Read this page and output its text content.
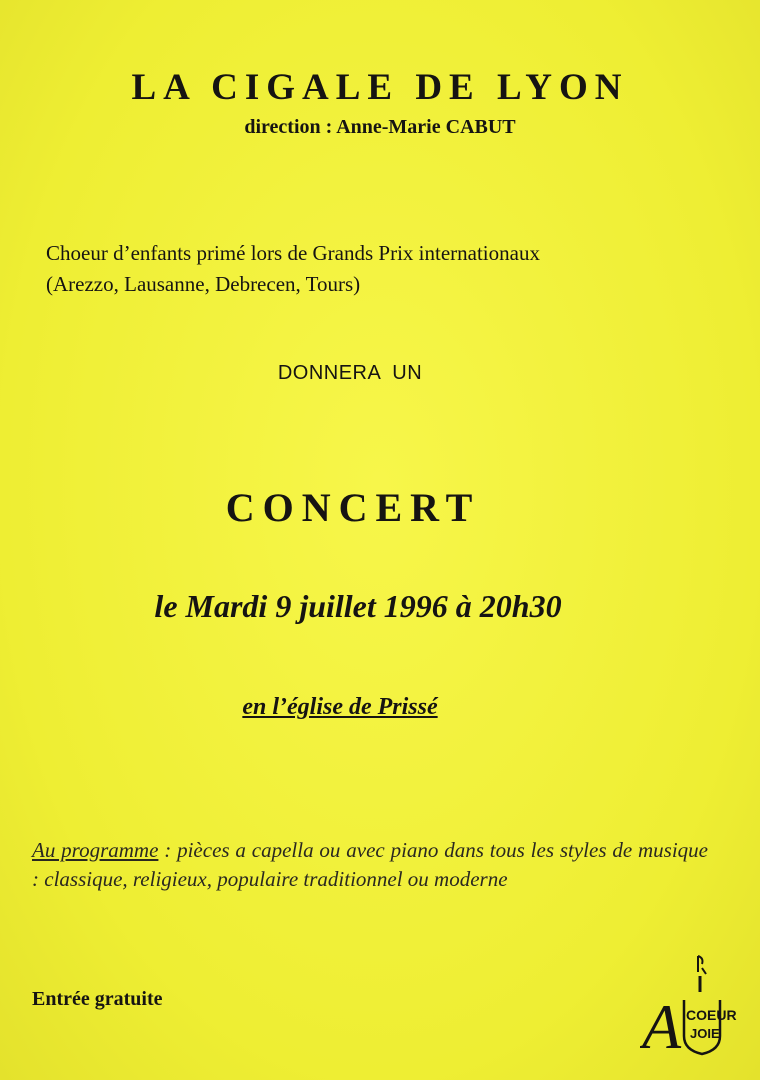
LA CIGALE DE LYON
direction : Anne-Marie CABUT
Choeur d’enfants primé lors de Grands Prix internationaux
(Arezzo, Lausanne, Debrecen, Tours)
DONNERA UN
CONCERT
le Mardi 9 juillet 1996 à 20h30
en l’église de Prissé

Au programme : pièces a capella ou avec piano dans tous les styles de musique : classique, religieux, populaire traditionnel ou moderne

Entrée gratuite	A COEUR
JOIE
